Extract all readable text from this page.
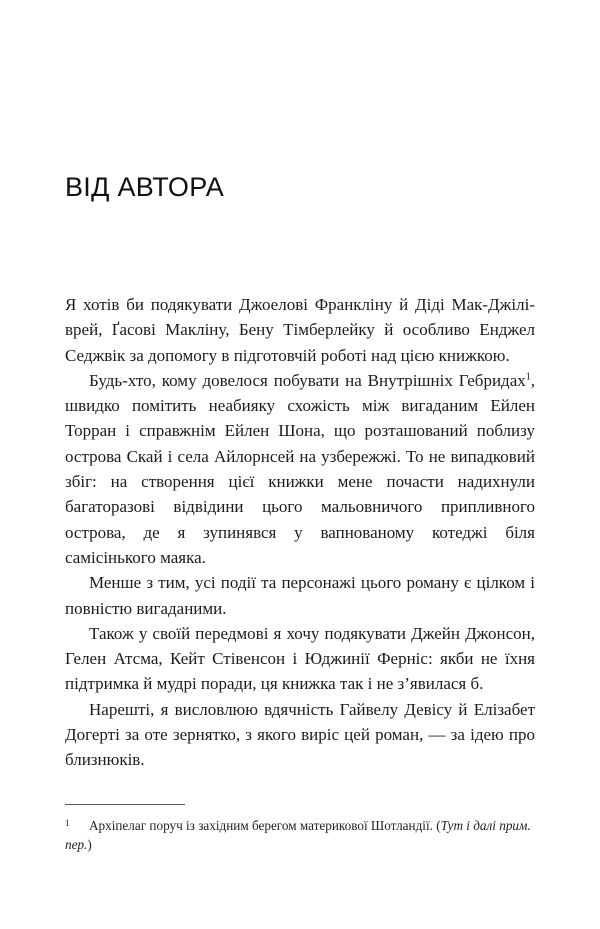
ВІД АВТОРА

Я хотів би подякувати Джоелові Франкліну й Діді Мак-Джіліврей, Ґасові Макліну, Бену Тімберлейку й особливо Енджел Седжвік за допомогу в підготовчій роботі над цією книжкою.

Будь-хто, кому довелося побувати на Внутрішніх Гебридах$^1$, швидко помітить неабияку схожість між вигаданим Ейлен Торран і справжнім Ейлен Шона, що розташований поблизу острова Скай і села Айлорнсей на узбережжі. То не випадковий збіг: на створення цієї книжки мене почасти надихнули багаторазові відвідини цього мальовничого припливного острова, де я зупинявся у вапнованому котеджі біля самісінького маяка.

Менше з тим, усі події та персонажі цього роману є цілком і повністю вигаданими.

Також у своїй передмові я хочу подякувати Джейн Джонсон, Гелен Атсма, Кейт Стівенсон і Юджинії Ферніс: якби не їхня підтримка й мудрі поради, ця книжка так і не з’явилася б.

Нарешті, я висловлюю вдячність Гайвелу Девісу й Елізабет Догерті за оте зернятко, з якого виріс цей роман, — за ідею про близнюків.

1 Архіпелаг поруч із західним берегом материкової Шотландії. (Тут і далі прим. пер.)
